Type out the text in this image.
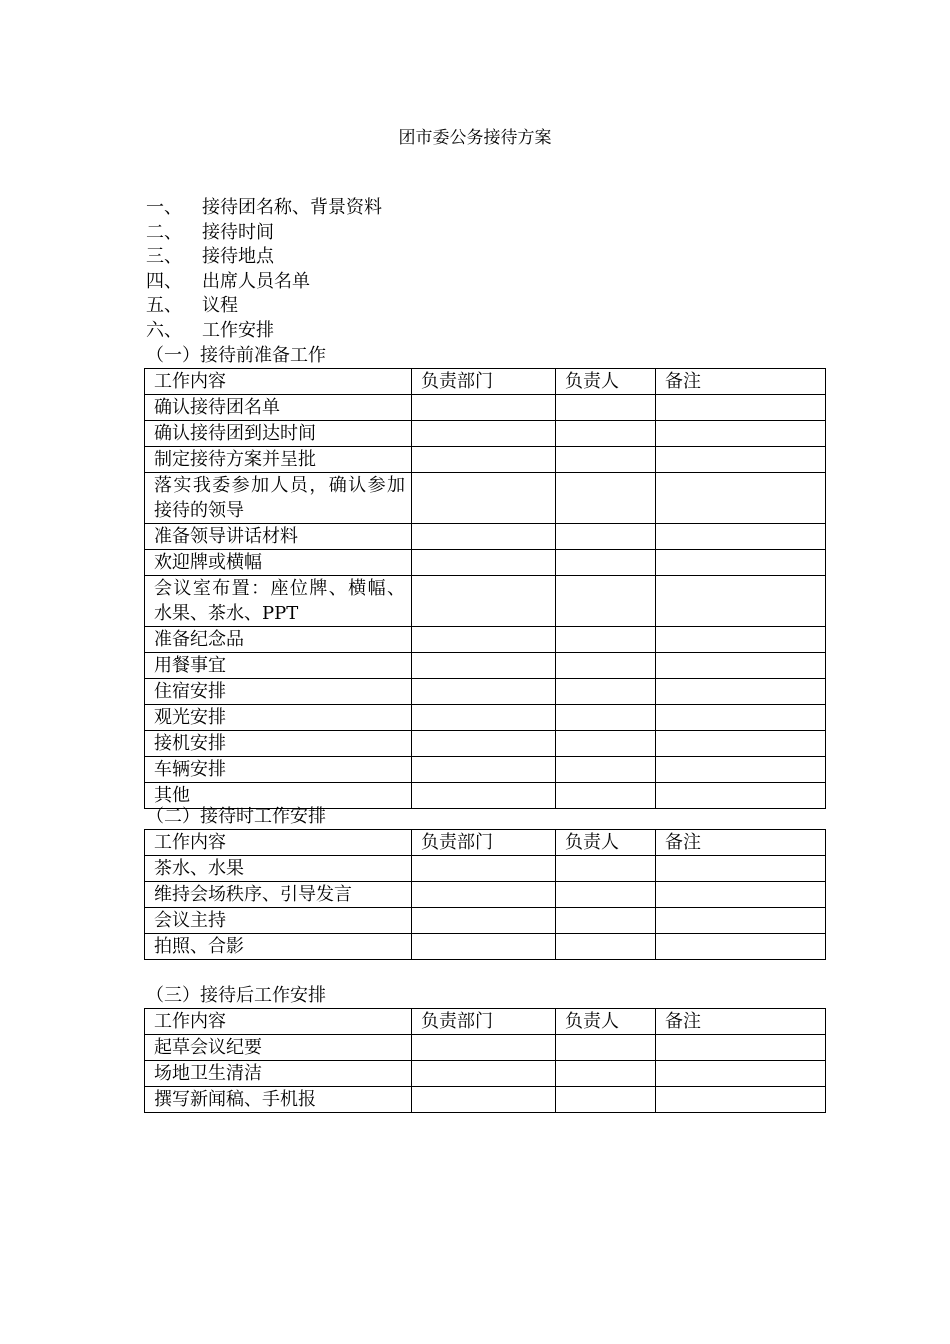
团市委公务接待方案
一、 接待团名称、背景资料
二、 接待时间
三、 接待地点
四、 出席人员名单
五、 议程
六、 工作安排
（一）接待前准备工作
工作内容	负责部门	负责人	备注
确认接待团名单			
确认接待团到达时间			
制定接待方案并呈批			
落实我委参加人员，确认参加接待的领导			
准备领导讲话材料			
欢迎牌或横幅			
会议室布置：座位牌、横幅、水果、茶水、PPT			
准备纪念品			
用餐事宜			
住宿安排			
观光安排			
接机安排			
车辆安排			
其他			
（二）接待时工作安排
工作内容	负责部门	负责人	备注
茶水、水果			
维持会场秩序、引导发言			
会议主持			
拍照、合影			
（三）接待后工作安排
工作内容	负责部门	负责人	备注
起草会议纪要			
场地卫生清洁			
撰写新闻稿、手机报			
